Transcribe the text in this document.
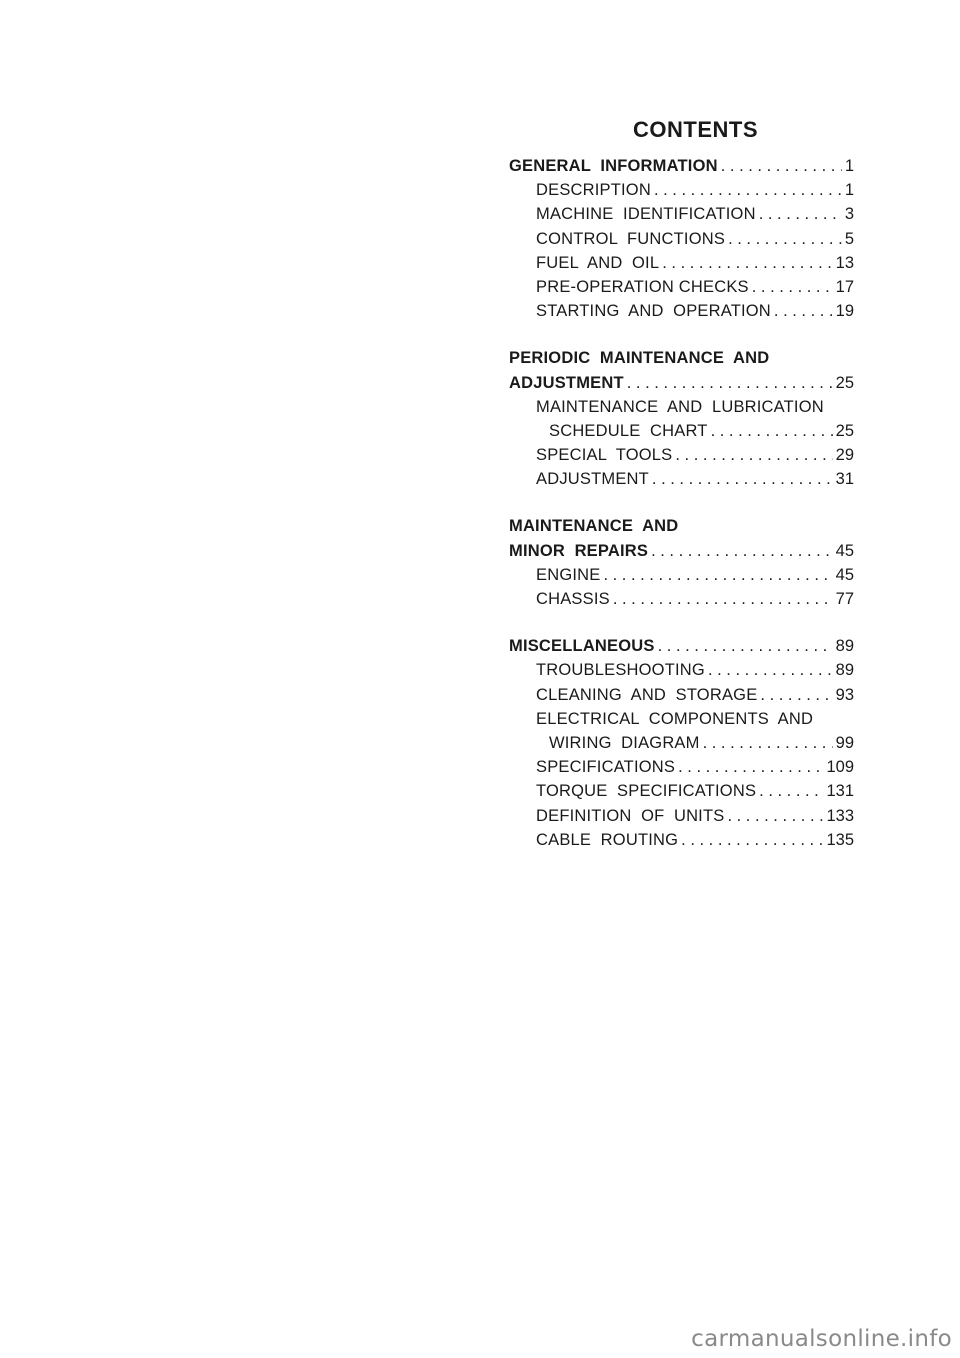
CONTENTS
GENERAL  INFORMATION . . .	1
DESCRIPTION . . .	1
MACHINE  IDENTIFICATION . . .	3
CONTROL  FUNCTIONS . . .	5
FUEL  AND  OIL . . .	13
PRE-OPERATION CHECKS . . .	17
STARTING  AND  OPERATION . . .	19
PERIODIC  MAINTENANCE  AND
ADJUSTMENT . . .	25
MAINTENANCE  AND  LUBRICATION
SCHEDULE  CHART . . .	25
SPECIAL  TOOLS . . .	29
ADJUSTMENT . . .	31
MAINTENANCE  AND
MINOR  REPAIRS . . .	45
ENGINE . . .	45
CHASSIS . . .	77
MISCELLANEOUS . . .	89
TROUBLESHOOTING . . .	89
CLEANING  AND  STORAGE . . .	93
ELECTRICAL  COMPONENTS  AND
WIRING  DIAGRAM . . .	99
SPECIFICATIONS . . .	109
TORQUE  SPECIFICATIONS . . .	131
DEFINITION  OF  UNITS . . .	133
CABLE  ROUTING . . .	135
carmanualsonline.info
